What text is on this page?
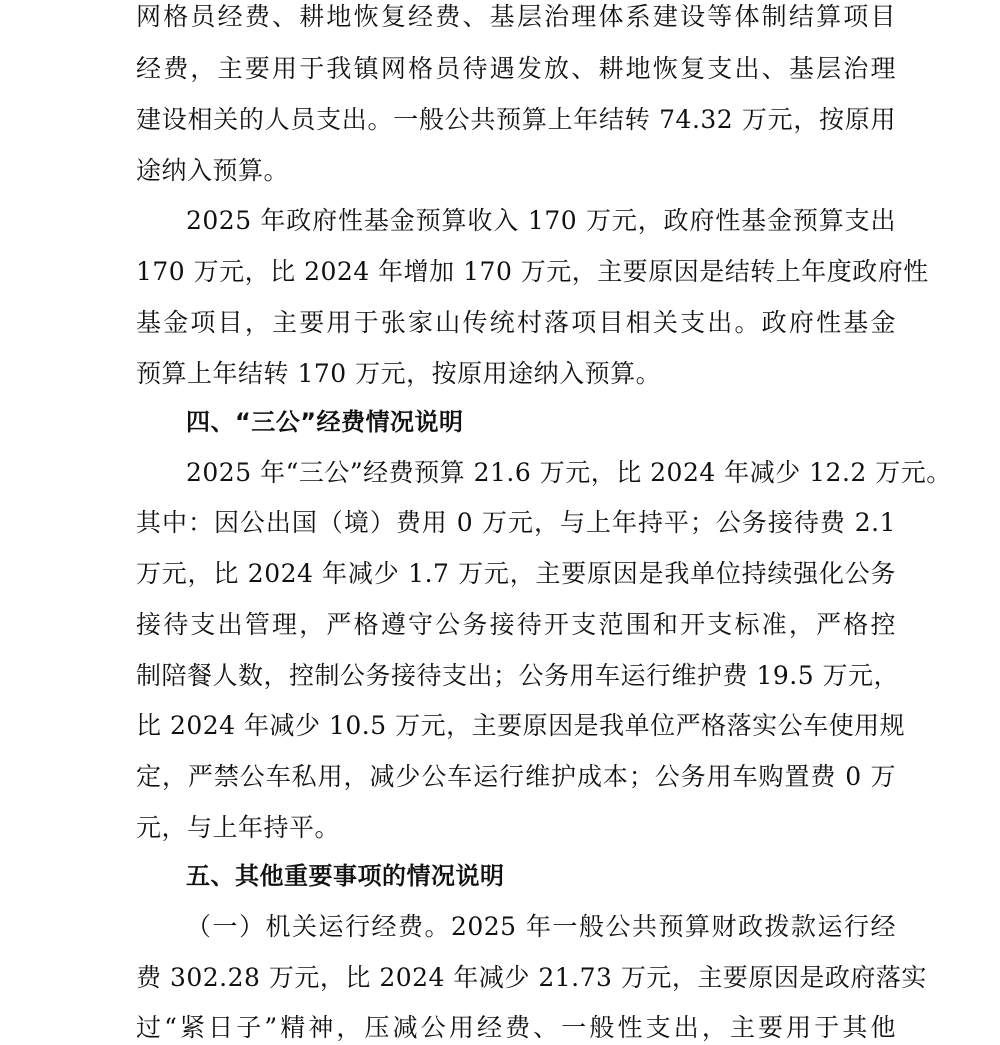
网格员经费、耕地恢复经费、基层治理体系建设等体制结算项目
经费，主要用于我镇网格员待遇发放、耕地恢复支出、基层治理
建设相关的人员支出。一般公共预算上年结转 74.32 万元，按原用
途纳入预算。
2025 年政府性基金预算收入 170 万元，政府性基金预算支出
170 万元，比 2024 年增加 170 万元，主要原因是结转上年度政府性
基金项目，主要用于张家山传统村落项目相关支出。政府性基金
预算上年结转 170 万元，按原用途纳入预算。
四、“三公”经费情况说明
2025 年“三公”经费预算 21.6 万元，比 2024 年减少 12.2 万元。
其中：因公出国（境）费用 0 万元，与上年持平；公务接待费 2.1
万元，比 2024 年减少 1.7 万元，主要原因是我单位持续强化公务
接待支出管理，严格遵守公务接待开支范围和开支标准，严格控
制陪餐人数，控制公务接待支出；公务用车运行维护费 19.5 万元，
比 2024 年减少 10.5 万元，主要原因是我单位严格落实公车使用规
定，严禁公车私用，减少公车运行维护成本；公务用车购置费 0 万
元，与上年持平。
五、其他重要事项的情况说明
（一）机关运行经费。2025 年一般公共预算财政拨款运行经
费 302.28 万元，比 2024 年减少 21.73 万元，主要原因是政府落实
过“紧日子”精神，压减公用经费、一般性支出，主要用于其他
